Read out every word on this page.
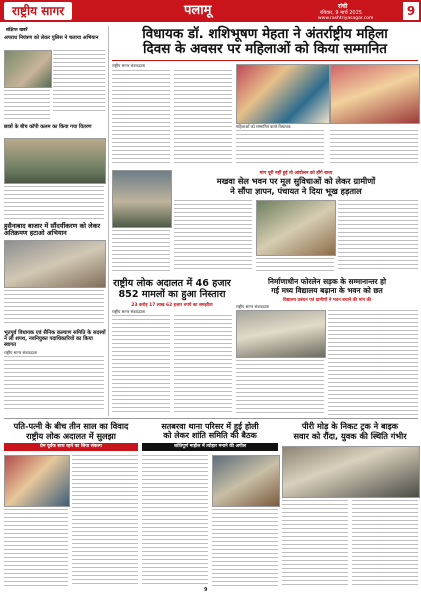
राष्ट्रीय सागर	पलामू	रांची
रविवार, 9 मार्च 2025
www.rashtriyasagar.com
9
संक्षिप्त खबरें
अपराध नियंत्रण को लेकर पुलिस ने चलाया अभियान
छात्रों के बीच कॉपी कलम का किया गया वितरण
हुसैनाबाद बाजार में सौंदर्यीकरण को लेकर अतिक्रमण हटाओ अभियान
भूतपूर्व विधायक एवं सैनिक कल्याण समिति के सदस्यों ने ली शपथ, नवनियुक्त पदाधिकारियों का किया स्वागत
राष्ट्रीय सागर संवाददाता
विधायक डॉ. शशिभूषण मेहता ने अंतर्राष्ट्रीय महिला
दिवस के अवसर पर महिलाओं को किया सम्मानित
राष्ट्रीय सागर संवाददाता
महिलाओं को सम्मानित करते विधायक
मांग पूरी नहीं हुई तो आंदोलन को होंगे बाध्य
मखवा सेल भवन पर मूल सुविधाओं को लेकर ग्रामीणों
ने सौंपा ज्ञापन, पंचायत ने दिया भूख हड़ताल
राष्ट्रीय लोक अदालत में 46 हजार
852 मामलों का हुआ निस्तारा
23 करोड़ 17 लाख 62 हजार रुपये का समझौता
राष्ट्रीय सागर संवाददाता
निर्माणाधीन फोरलेन सड़क के सम्मानान्तर हो
गई मध्य विद्यालय बढ़ाना के भवन को छत
विद्यालय प्रबंधन एवं ग्रामीणों ने भवन बचाने की मांग की
राष्ट्रीय सागर संवाददाता
पति-पत्नी के बीच तीन साल का विवाद
राष्ट्रीय लोक अदालत में सुलझा
प्रेम पूर्वक साथ रहने का लिया संकल्प
सतबरवा थाना परिसर में हुई होली
को लेकर शांति समिति की बैठक
शांतिपूर्ण माहौल में त्योहार मनाने की अपील
पीरी मोड़ के निकट ट्रक ने बाइक
सवार को रौंदा, युवक की स्थिति गंभीर
9
